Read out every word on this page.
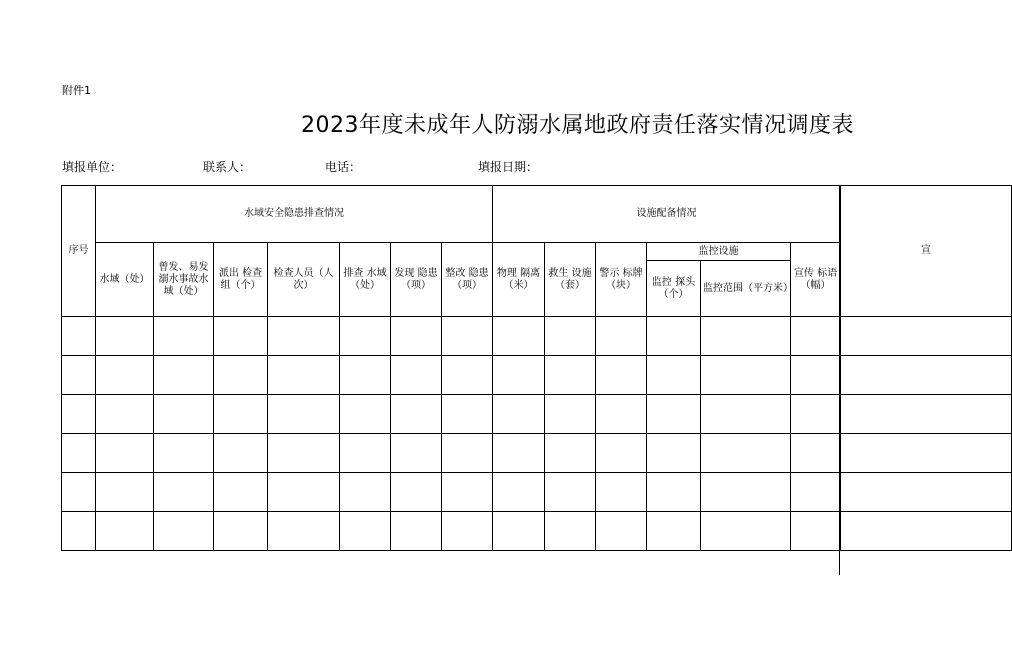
附件1
2023年度未成年人防溺水属地政府责任落实情况调度表
填报单位：	联系人：	电话：	填报日期：
序号	水域安全隐患排查情况							设施配备情况						宣
	水域（处）	曾发、易发溺水事故水域（处）	派出 检查组（个）	检查人员（人次）	排查 水域（处）	发现 隐患（项）	整改 隐患（项）	物理 隔离（米）	救生 设施（套）	警示 标牌（块）	监控设施		宣传 标语（幅）	
											监控 探头（个）	监控范围（平方米）		
